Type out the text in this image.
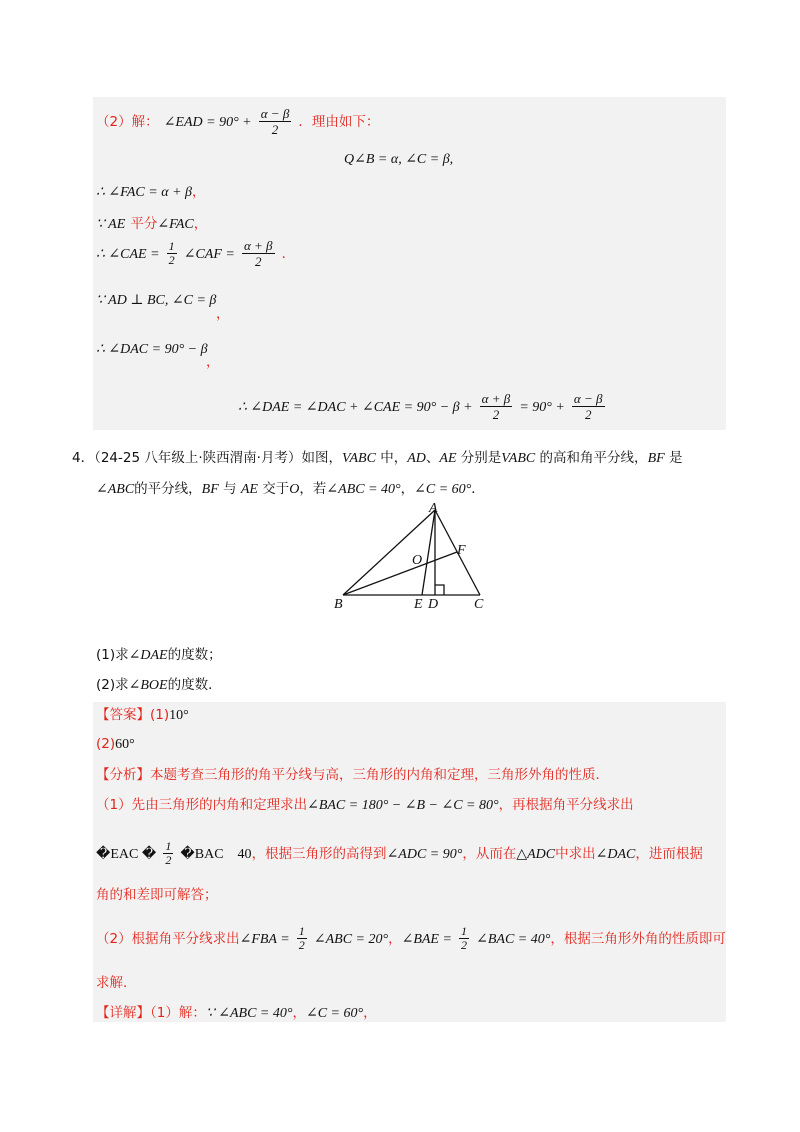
（2）解： ∠EAD = $90^\circ + \frac{\alpha - \beta}{2}$ ．理由如下：
Q∠B = α, ∠C = β,
∴ ∠FAC = α + β，
∵ AE 平分∠FAC，
∴ ∠CAE = $\frac{1}{2}$ ∠CAF = $\frac{\alpha + \beta}{2}$ ．
∵ AD ⊥ BC, ∠C = β
，
∴ ∠DAC = 90° − β
，
∴ ∠DAE = ∠DAC + ∠CAE = $90^\circ - \beta + \frac{\alpha + \beta}{2} = 90^\circ + \frac{\alpha - \beta}{2}$
4．（24-25 八年级上·陕西渭南·月考）如图，VABC 中，AD、AE 分别是VABC 的高和角平分线，BF 是
∠ABC的平分线，BF 与 AE 交于O，若∠ABC = 40°，∠C = 60°．
A
B	C
D
E
F
O
(1)求∠DAE的度数；
(2)求∠BOE的度数．
【答案】(1)10°
(2)60°
【分析】本题考查三角形的角平分线与高，三角形的内角和定理，三角形外角的性质．
（1）先由三角形的内角和定理求出∠BAC = 180° − ∠B − ∠C = 80°，再根据角平分线求出
�EAC � $\frac{1}{2}$ �BAC    40，根据三角形的高得到∠ADC = 90°，从而在△ADC中求出∠DAC，进而根据
角的和差即可解答；
（2）根据角平分线求出∠FBA = $\frac{1}{2}$ ∠ABC = 20°，∠BAE = $\frac{1}{2}$ ∠BAC = 40°，根据三角形外角的性质即可
求解．
【详解】（1）解：∵ ∠ABC = 40°，∠C = 60°，
